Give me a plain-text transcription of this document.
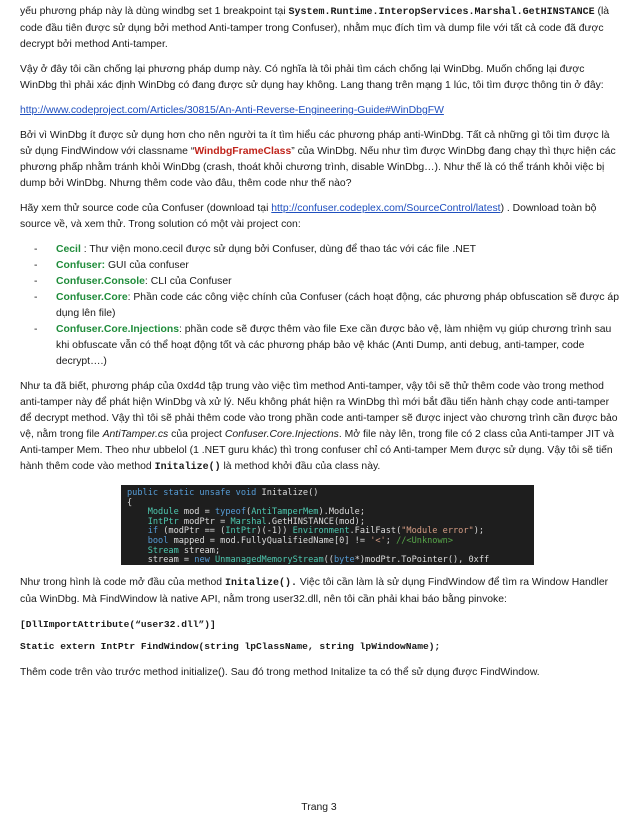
yếu phương pháp này là dùng windbg set 1 breakpoint tại System.Runtime.InteropServices.Marshal.GetHINSTANCE (là code đầu tiên được sử dụng bởi method Anti-tamper trong Confuser), nhằm mục đích tìm và dump file với tất cả code đã được decrypt bởi method Anti-tamper.

Vậy ở đây tôi cần chống lại phương pháp dump này. Có nghĩa là tôi phải tìm cách chống lại WinDbg. Muốn chống lại được WinDbg thì phải xác định WinDbg có đang được sử dụng hay không. Lang thang trên mạng 1 lúc, tôi tìm được thông tin ở đây:

http://www.codeproject.com/Articles/30815/An-Anti-Reverse-Engineering-Guide#WinDbgFW

Bởi vì WinDbg ít được sử dụng hơn cho nên người ta ít tìm hiểu các phương pháp anti-WinDbg. Tất cả những gì tôi tìm được là sử dụng FindWindow với classname “WindbgFrameClass” của WinDbg. Nếu như tìm được WinDbg đang chạy thì thực hiện các phương phấp nhằm tránh khỏi WinDbg (crash, thoát khỏi chương trình, disable WinDbg…). Như thế là có thể tránh khỏi việc bị dump bởi WinDbg. Nhưng thêm code vào đâu, thêm code như thế nào?

Hãy xem thử source code của Confuser (download tại http://confuser.codeplex.com/SourceControl/latest) . Download toàn bộ source về, và xem thử. Trong solution có một vài project con:

- Cecil : Thư viện mono.cecil được sử dụng bởi Confuser, dùng để thao tác với các file .NET
- Confuser: GUI của confuser
- Confuser.Console: CLI của Confuser
- Confuser.Core: Phần code các công việc chính của Confuser (cách hoạt động, các phương pháp obfuscation sẽ được áp dụng lên file)
- Confuser.Core.Injections: phần code sẽ được thêm vào file Exe cần được bảo vệ, làm nhiệm vụ giúp chương trình sau khi obfuscate vẫn có thể hoạt động tốt và các phương pháp bảo vệ khác (Anti Dump, anti debug, anti-tamper, code decrypt….)

Như ta đã biết, phương pháp của 0xd4d tập trung vào việc tìm method Anti-tamper, vậy tôi sẽ thử thêm code vào trong method anti-tamper này để phát hiện WinDbg và xử lý. Nếu không phát hiện ra WinDbg thì mới bắt đầu tiến hành chạy code anti-tamper để decrypt method. Vậy thì tôi sẽ phải thêm code vào trong phần code anti-tamper sẽ được inject vào chương trình cần được bảo vệ, nằm trong file AntiTamper.cs của project Confuser.Core.Injections. Mở file này lên, trong file có 2 class của Anti-tamper JIT và Anti-tamper Mem. Theo như ubbelol (1 .NET guru khác) thì trong confuser chỉ có Anti-tamper Mem được sử dụng. Vậy tôi sẽ tiến hành thêm code vào method Initalize() là method khởi đầu của class này.

public static unsafe void Initalize()
{
Module mod = typeof(AntiTamperMem).Module;
IntPtr modPtr = Marshal.GetHINSTANCE(mod);
if (modPtr == (IntPtr)(-1)) Environment.FailFast("Module error");
bool mapped = mod.FullyQualifiedName[0] != '<'; //<Unknown>
Stream stream;
stream = new UnmanagedMemoryStream((byte*)modPtr.ToPointer(), 0xff

Như trong hình là code mở đầu của method Initalize(). Việc tôi cần làm là sử dụng FindWindow để tìm ra Window Handler của WinDbg. Mà FindWindow là native API, nằm trong user32.dll, nên tôi cần phải khai báo bằng pinvoke:

[DllImportAttribute(“user32.dll”)]

Static extern IntPtr FindWindow(string lpClassName, string lpWindowName);

Thêm code trên vào trước method initialize(). Sau đó trong method Initalize ta có thể sử dụng được FindWindow.

Trang 3
